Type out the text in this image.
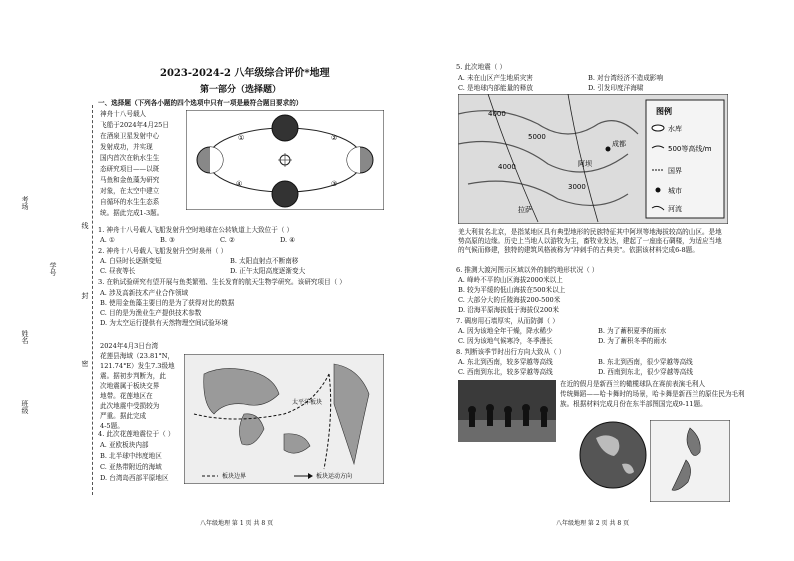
考场
姓名
班级
学号
线
封
密
2023-2024-2 八年级综合评价*地理
第一部分（选择题）
一、选择题（下列各小题的四个选项中只有一项是最符合题目要求的）
神舟十八号载人
飞船于2024年4月25日
在酒泉卫星发射中心
发射成功，并实现
国内首次在轨水生生
态研究项目——以斑
马鱼和金鱼藻为研究
对象，在太空中建立
自循环的水生生态系
统。据此完成1-3题。
①	②
③
④
1. 神舟十八号载人飞船发射升空时地球在公转轨道上大致位于（ ）
A. ①	B. ③	C. ②	D. ④
2. 神舟十八号载人飞船发射升空时泉州（ ）
A. 白昼时长逐渐变短	B. 太阳直射点不断南移
C. 昼夜等长	D. 正午太阳高度逐渐变大
3. 在轨试验研究有望开展与鱼类繁殖、生长发育的航天生物学研究。该研究项目（ ）
A. 涉及高新技术产业合作领域
B. 使用金鱼藻主要目的是为了获得对比的数据
C. 目的是为渔业生产提供技术参数
D. 为太空运行提供有天然物理空间试验环境
2024年4月3日台湾
花莲县海域（23.81°N，
121.74°E）发生7.3级地
震。据初步判断为，此
次地震属于板块交界
地带。花莲地区在
此次地震中受损较为
严重。据此完成
4-5题。
太平洋板块
板块边界	板块运动方向
4. 此次花莲地震位于（ ）
A. 亚欧板块内部
B. 北半球中纬度地区
C. 亚热带附近的海域
D. 台湾岛西部平原地区
八年级地理 第 1 页 共 8 页
5. 此次地震（ ）
A. 未在山区产生地质灾害	B. 对台湾经济不造成影响
C. 是地球内部能量的释放	D. 引发印度洋海啸
4000
5000
4000
3000
成都
阿坝
拉萨
图例
水库
500等高线/m
国界
城市
河流
羌大利贫名北京，是指某地区具有典型地形的民族特征其中阿坝等地海拔较高的山区。是地势高原的边缘。历史上当地人以游牧为主，畜牧业发达，建起了一座座石碉楼，为适应当地的气候而修建，独特的建筑风格被称为"冲刺手的古典美"。依据该材料完成6-8题。
6. 推测大渡河图示区域以外的制约地形状况（ ）
A. 峰岭不平的山区海拔2000米以上
B. 较为平缓的低山海拔在500米以上
C. 大部分大的丘陵海拔200-500米
D. 沿海平原海拔低于海拔仅200米
7. 碉房用石墙厚实，从而防御（ ）
A. 因为该地全年干燥，降水稀少	B. 为了蓄积夏季的雨水
C. 因为该地气候寒冷，冬季漫长	D. 为了蓄积冬季的雨水
8. 判断该季节时出行方向大致从（ ）
A. 东北到西南，较多穿越等高线	B. 东北到西南，很少穿越等高线
C. 西南到东北，较多穿越等高线	D. 西南到东北，很少穿越等高线
在近的假月是新西兰的橄榄球队在赛前表演毛利人
传统舞蹈——哈卡舞时的场景，哈卡舞是新西兰的原住民为毛利
族。根据材料完成月份在东半部图国完成9-11题。
八年级地理 第 2 页 共 8 页
